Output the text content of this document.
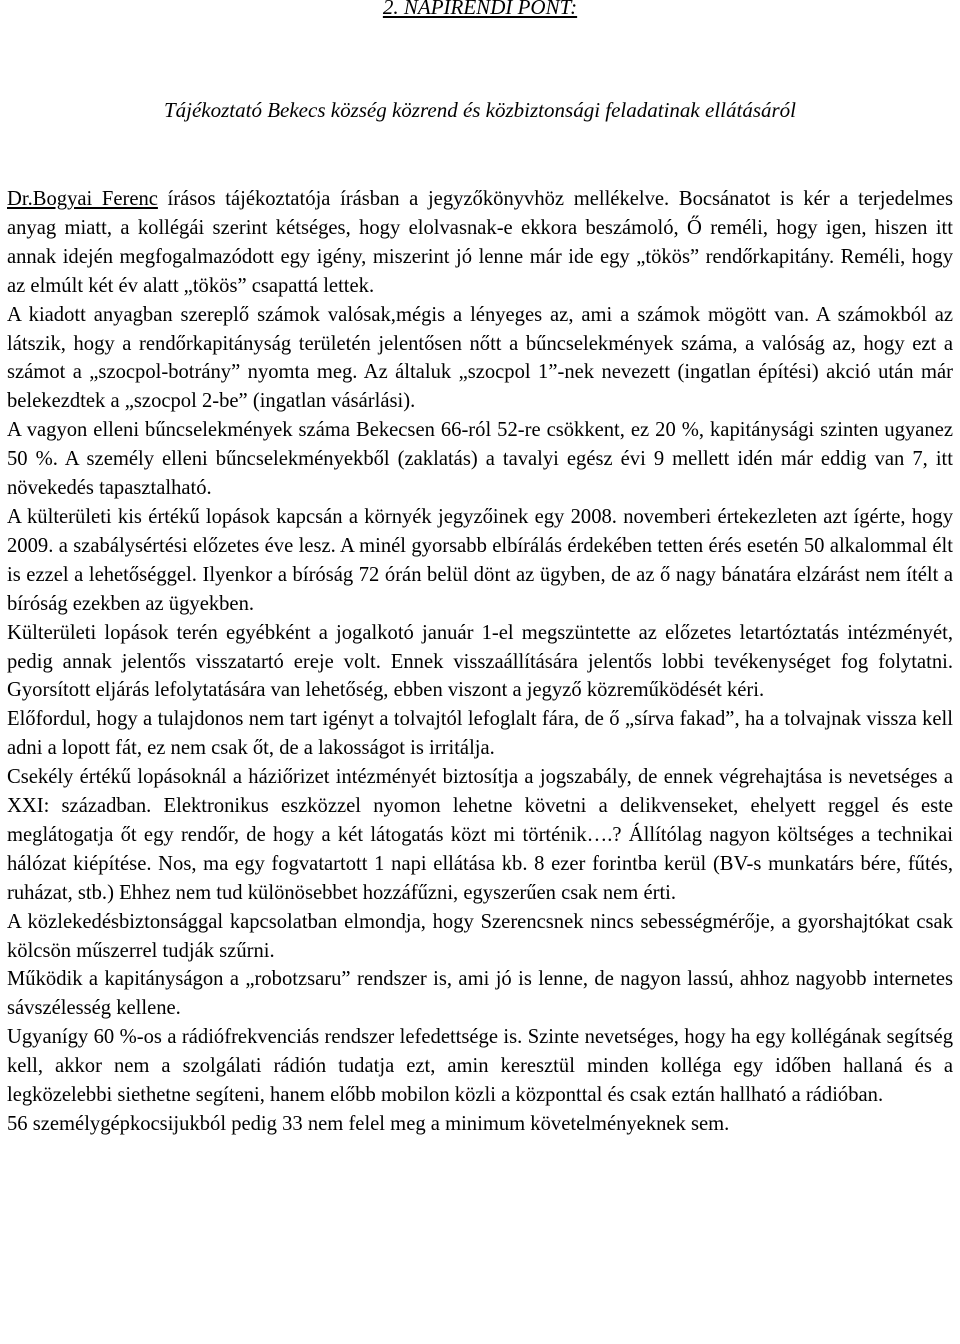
2. NAPIRENDI PONT:
Tájékoztató Bekecs község közrend és közbiztonsági feladatinak ellátásáról

Dr.Bogyai Ferenc írásos tájékoztatója írásban a jegyzőkönyvhöz mellékelve. Bocsánatot is kér a terjedelmes anyag miatt, a kollégái szerint kétséges, hogy elolvasnak-e ekkora beszámoló, Ő reméli, hogy igen, hiszen itt annak idején megfogalmazódott egy igény, miszerint jó lenne már ide egy „tökös” rendőrkapitány. Reméli, hogy az elmúlt két év alatt „tökös” csapattá lettek.

A kiadott anyagban szereplő számok valósak,mégis a lényeges az, ami a számok mögött van. A számokból az látszik, hogy a rendőrkapitányság területén jelentősen nőtt a bűncselekmények száma, a valóság az, hogy ezt a számot a „szocpol-botrány” nyomta meg. Az általuk „szocpol 1”-nek nevezett (ingatlan építési) akció után már belekezdtek a „szocpol 2-be” (ingatlan vásárlási).

A vagyon elleni bűncselekmények száma Bekecsen 66-ról 52-re csökkent, ez 20 %, kapitánysági szinten ugyanez 50 %. A személy elleni bűncselekményekből (zaklatás) a tavalyi egész évi 9 mellett idén már eddig van 7, itt növekedés tapasztalható.

A külterületi kis értékű lopások kapcsán a környék jegyzőinek egy 2008. novemberi értekezleten azt ígérte, hogy 2009. a szabálysértési előzetes éve lesz. A minél gyorsabb elbírálás érdekében tetten érés esetén 50 alkalommal élt is ezzel a lehetőséggel. Ilyenkor a bíróság 72 órán belül dönt az ügyben, de az ő nagy bánatára elzárást nem ítélt a bíróság ezekben az ügyekben.

Külterületi lopások terén egyébként a jogalkotó január 1-el megszüntette az előzetes letartóztatás intézményét, pedig annak jelentős visszatartó ereje volt. Ennek visszaállítására jelentős lobbi tevékenységet fog folytatni. Gyorsított eljárás lefolytatására van lehetőség, ebben viszont a jegyző közreműködését kéri.

Előfordul, hogy a tulajdonos nem tart igényt a tolvajtól lefoglalt fára, de ő „sírva fakad”, ha a tolvajnak vissza kell adni a lopott fát, ez nem csak őt, de a lakosságot is irritálja.

Csekély értékű lopásoknál a háziőrizet intézményét biztosítja a jogszabály, de ennek végrehajtása is nevetséges a XXI: században. Elektronikus eszközzel nyomon lehetne követni a delikvenseket, ehelyett reggel és este meglátogatja őt egy rendőr, de hogy a két látogatás közt mi történik….? Állítólag nagyon költséges a technikai hálózat kiépítése. Nos, ma egy fogvatartott 1 napi ellátása kb. 8 ezer forintba kerül (BV-s munkatárs bére, fűtés, ruházat, stb.) Ehhez nem tud különösebbet hozzáfűzni, egyszerűen csak nem érti.

A közlekedésbiztonsággal kapcsolatban elmondja, hogy Szerencsnek nincs sebességmérője, a gyorshajtókat csak kölcsön műszerrel tudják szűrni.

Működik a kapitányságon a „robotzsaru” rendszer is, ami jó is lenne, de nagyon lassú, ahhoz nagyobb internetes sávszélesség kellene.

Ugyanígy 60 %-os a rádiófrekvenciás rendszer lefedettsége is. Szinte nevetséges, hogy ha egy kollégának segítség kell, akkor nem a szolgálati rádión tudatja ezt, amin keresztül minden kollégа egy időben hallaná és a legközelebbi siethetne segíteni, hanem előbb mobilon közli a központtal és csak eztán hallható a rádióban.

56 személygépkocsijukból pedig 33 nem felel meg a minimum követelményeknek sem.
